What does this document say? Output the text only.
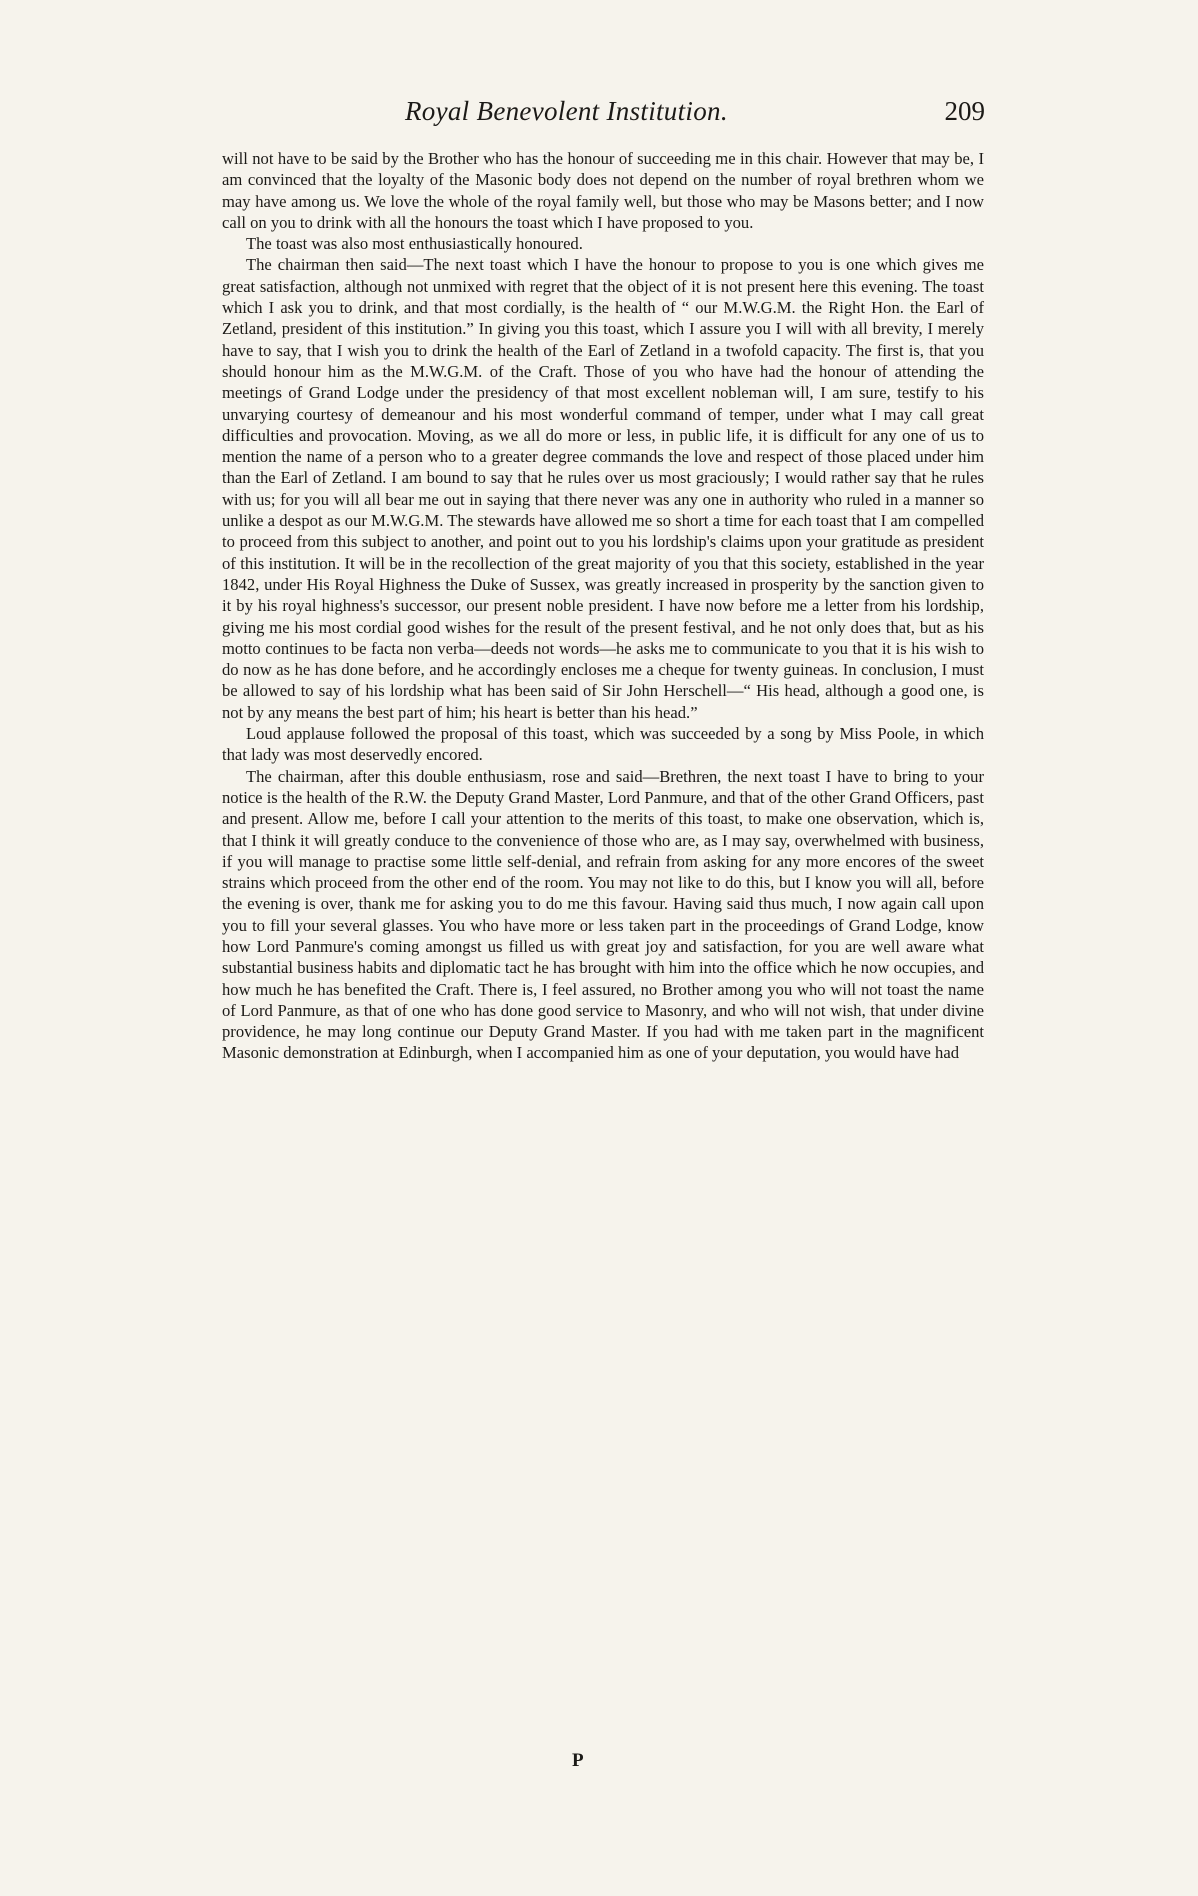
Royal Benevolent Institution.	209

will not have to be said by the Brother who has the honour of succeeding me in this chair. However that may be, I am convinced that the loyalty of the Masonic body does not depend on the number of royal brethren whom we may have among us. We love the whole of the royal family well, but those who may be Masons better; and I now call on you to drink with all the honours the toast which I have proposed to you.

The toast was also most enthusiastically honoured.

The chairman then said—The next toast which I have the honour to propose to you is one which gives me great satisfaction, although not unmixed with regret that the object of it is not present here this evening. The toast which I ask you to drink, and that most cordially, is the health of “ our M.W.G.M. the Right Hon. the Earl of Zetland, president of this institution.” In giving you this toast, which I assure you I will with all brevity, I merely have to say, that I wish you to drink the health of the Earl of Zetland in a twofold capacity. The first is, that you should honour him as the M.W.G.M. of the Craft. Those of you who have had the honour of attending the meetings of Grand Lodge under the presidency of that most excellent nobleman will, I am sure, testify to his unvarying courtesy of demeanour and his most wonderful command of temper, under what I may call great difficulties and provocation. Moving, as we all do more or less, in public life, it is difficult for any one of us to mention the name of a person who to a greater degree commands the love and respect of those placed under him than the Earl of Zetland. I am bound to say that he rules over us most graciously; I would rather say that he rules with us; for you will all bear me out in saying that there never was any one in authority who ruled in a manner so unlike a despot as our M.W.G.M. The stewards have allowed me so short a time for each toast that I am compelled to proceed from this subject to another, and point out to you his lordship's claims upon your gratitude as president of this institution. It will be in the recollection of the great majority of you that this society, established in the year 1842, under His Royal Highness the Duke of Sussex, was greatly increased in prosperity by the sanction given to it by his royal highness's successor, our present noble president. I have now before me a letter from his lordship, giving me his most cordial good wishes for the result of the present festival, and he not only does that, but as his motto continues to be facta non verba—deeds not words—he asks me to communicate to you that it is his wish to do now as he has done before, and he accordingly encloses me a cheque for twenty guineas. In conclusion, I must be allowed to say of his lordship what has been said of Sir John Herschell—“ His head, although a good one, is not by any means the best part of him; his heart is better than his head.”

Loud applause followed the proposal of this toast, which was succeeded by a song by Miss Poole, in which that lady was most deservedly encored.

The chairman, after this double enthusiasm, rose and said—Brethren, the next toast I have to bring to your notice is the health of the R.W. the Deputy Grand Master, Lord Panmure, and that of the other Grand Officers, past and present. Allow me, before I call your attention to the merits of this toast, to make one observation, which is, that I think it will greatly conduce to the convenience of those who are, as I may say, overwhelmed with business, if you will manage to practise some little self-denial, and refrain from asking for any more encores of the sweet strains which proceed from the other end of the room. You may not like to do this, but I know you will all, before the evening is over, thank me for asking you to do me this favour. Having said thus much, I now again call upon you to fill your several glasses. You who have more or less taken part in the proceedings of Grand Lodge, know how Lord Panmure's coming amongst us filled us with great joy and satisfaction, for you are well aware what substantial business habits and diplomatic tact he has brought with him into the office which he now occupies, and how much he has benefited the Craft. There is, I feel assured, no Brother among you who will not toast the name of Lord Panmure, as that of one who has done good service to Masonry, and who will not wish, that under divine providence, he may long continue our Deputy Grand Master. If you had with me taken part in the magnificent Masonic demonstration at Edinburgh, when I accompanied him as one of your deputation, you would have had

P
